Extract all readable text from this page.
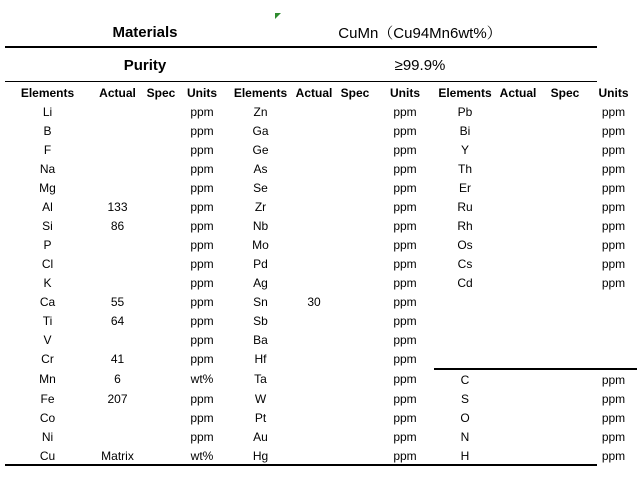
Materials	CuMn（Cu94Mn6wt%）
Purity	≥99.9%
Elements	Actual	Spec	Units	Elements	Actual	Spec	Units	Elements	Actual	Spec	Units
Li			ppm	Zn			ppm	Pb			ppm
B			ppm	Ga			ppm	Bi			ppm
F			ppm	Ge			ppm	Y			ppm
Na			ppm	As			ppm	Th			ppm
Mg			ppm	Se			ppm	Er			ppm
Al	133		ppm	Zr			ppm	Ru			ppm
Si	86		ppm	Nb			ppm	Rh			ppm
P			ppm	Mo			ppm	Os			ppm
Cl			ppm	Pd			ppm	Cs			ppm
K			ppm	Ag			ppm	Cd			ppm
Ca	55		ppm	Sn	30		ppm				
Ti	64		ppm	Sb			ppm				
V			ppm	Ba			ppm				
Cr	41		ppm	Hf			ppm				
Mn	6		wt%	Ta			ppm	C			ppm
Fe	207		ppm	W			ppm	S			ppm
Co			ppm	Pt			ppm	O			ppm
Ni			ppm	Au			ppm	N			ppm
Cu	Matrix		wt%	Hg			ppm	H			ppm
